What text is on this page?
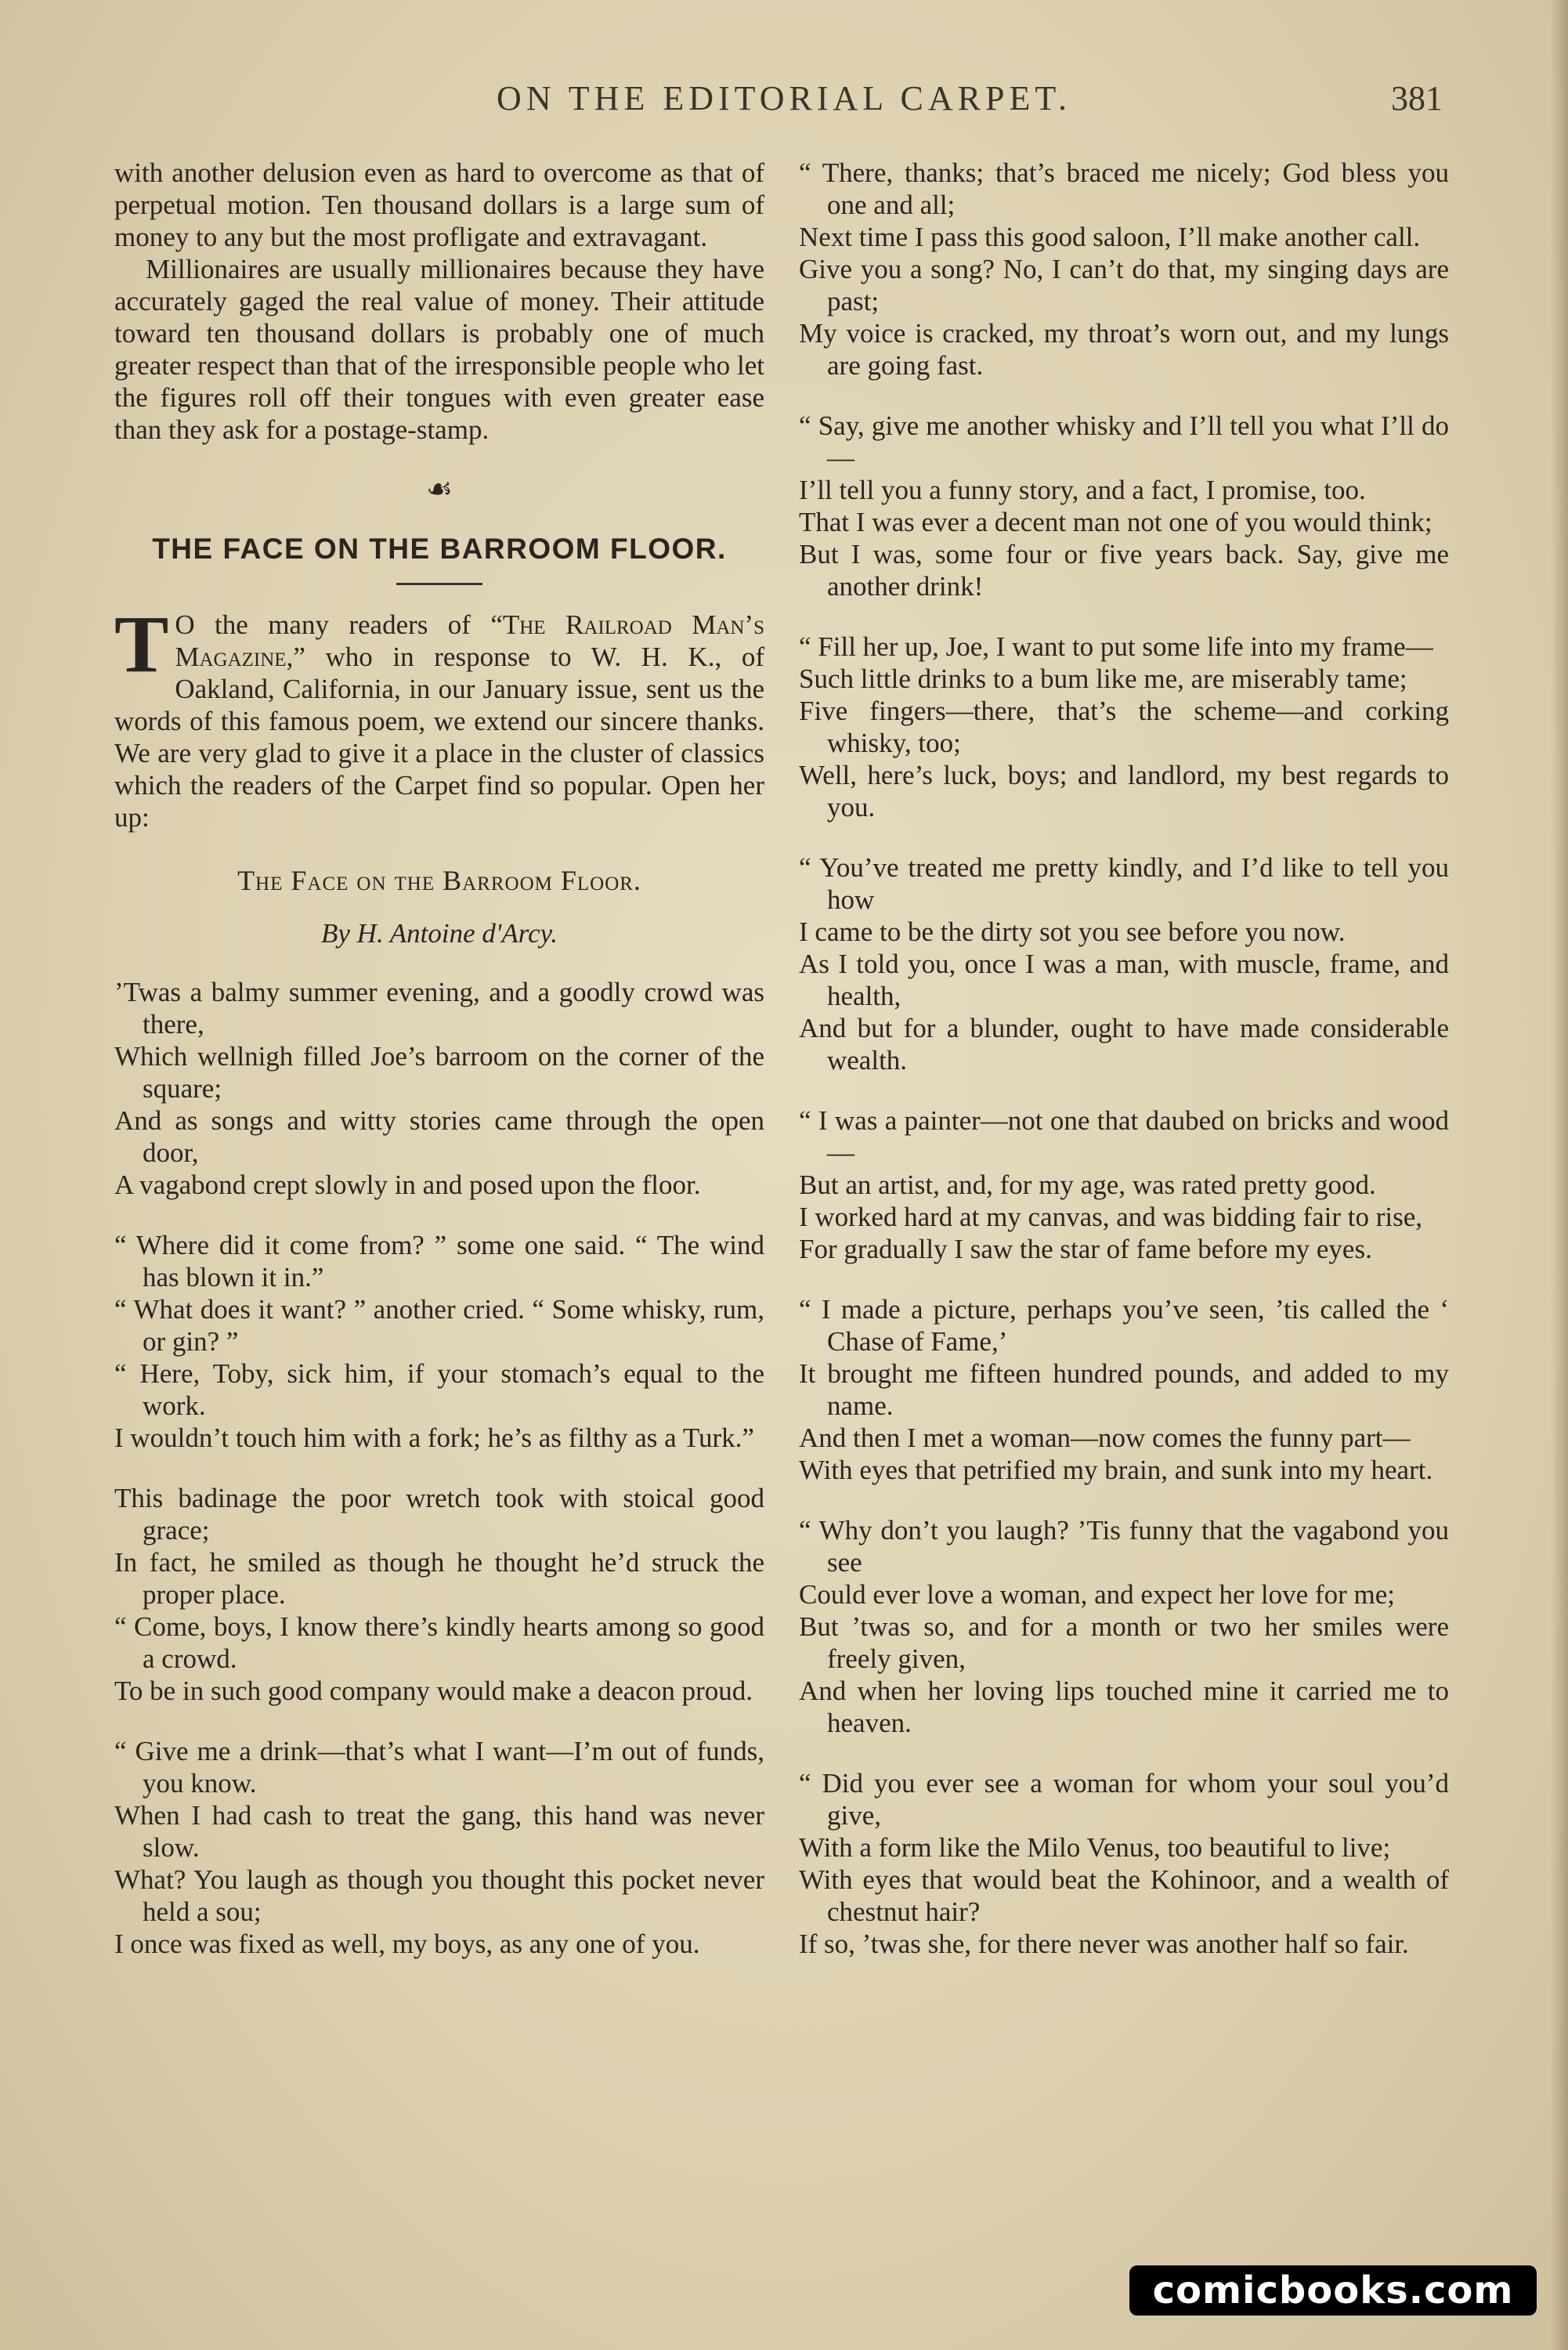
ON THE EDITORIAL CARPET.	381

with another delusion even as hard to overcome as that of perpetual motion. Ten thousand dollars is a large sum of money to any but the most profligate and extravagant.

Millionaires are usually millionaires because they have accurately gaged the real value of money. Their attitude toward ten thousand dollars is probably one of much greater respect than that of the irresponsible people who let the figures roll off their tongues with even greater ease than they ask for a postage-stamp.

☙
THE FACE ON THE BARROOM FLOOR.

T O the many readers of “The Railroad Man’s Magazine,” who in response to W. H. K., of Oakland, California, in our January issue, sent us the words of this famous poem, we extend our sincere thanks. We are very glad to give it a place in the cluster of classics which the readers of the Carpet find so popular. Open her up:

The Face on the Barroom Floor.
By H. Antoine d'Arcy.

’Twas a balmy summer evening, and a goodly crowd was there,

Which wellnigh filled Joe’s barroom on the corner of the square;

And as songs and witty stories came through the open door,

A vagabond crept slowly in and posed upon the floor.

“ Where did it come from? ” some one said. “ The wind has blown it in.”

“ What does it want? ” another cried. “ Some whisky, rum, or gin? ”

“ Here, Toby, sick him, if your stomach’s equal to the work.

I wouldn’t touch him with a fork; he’s as filthy as a Turk.”

This badinage the poor wretch took with stoical good grace;

In fact, he smiled as though he thought he’d struck the proper place.

“ Come, boys, I know there’s kindly hearts among so good a crowd.

To be in such good company would make a deacon proud.

“ Give me a drink—that’s what I want—I’m out of funds, you know.

When I had cash to treat the gang, this hand was never slow.

What? You laugh as though you thought this pocket never held a sou;

I once was fixed as well, my boys, as any one of you.

“ There, thanks; that’s braced me nicely; God bless you one and all;

Next time I pass this good saloon, I’ll make another call.

Give you a song? No, I can’t do that, my singing days are past;

My voice is cracked, my throat’s worn out, and my lungs are going fast.

“ Say, give me another whisky and I’ll tell you what I’ll do—

I’ll tell you a funny story, and a fact, I promise, too.

That I was ever a decent man not one of you would think;

But I was, some four or five years back. Say, give me another drink!

“ Fill her up, Joe, I want to put some life into my frame—

Such little drinks to a bum like me, are miserably tame;

Five fingers—there, that’s the scheme—and corking whisky, too;

Well, here’s luck, boys; and landlord, my best regards to you.

“ You’ve treated me pretty kindly, and I’d like to tell you how

I came to be the dirty sot you see before you now.

As I told you, once I was a man, with muscle, frame, and health,

And but for a blunder, ought to have made considerable wealth.

“ I was a painter—not one that daubed on bricks and wood—

But an artist, and, for my age, was rated pretty good.

I worked hard at my canvas, and was bidding fair to rise,

For gradually I saw the star of fame before my eyes.

“ I made a picture, perhaps you’ve seen, ’tis called the ‘ Chase of Fame,’

It brought me fifteen hundred pounds, and added to my name.

And then I met a woman—now comes the funny part—

With eyes that petrified my brain, and sunk into my heart.

“ Why don’t you laugh? ’Tis funny that the vagabond you see

Could ever love a woman, and expect her love for me;

But ’twas so, and for a month or two her smiles were freely given,

And when her loving lips touched mine it carried me to heaven.

“ Did you ever see a woman for whom your soul you’d give,

With a form like the Milo Venus, too beautiful to live;

With eyes that would beat the Kohinoor, and a wealth of chestnut hair?

If so, ’twas she, for there never was another half so fair.

comicbooks.com
